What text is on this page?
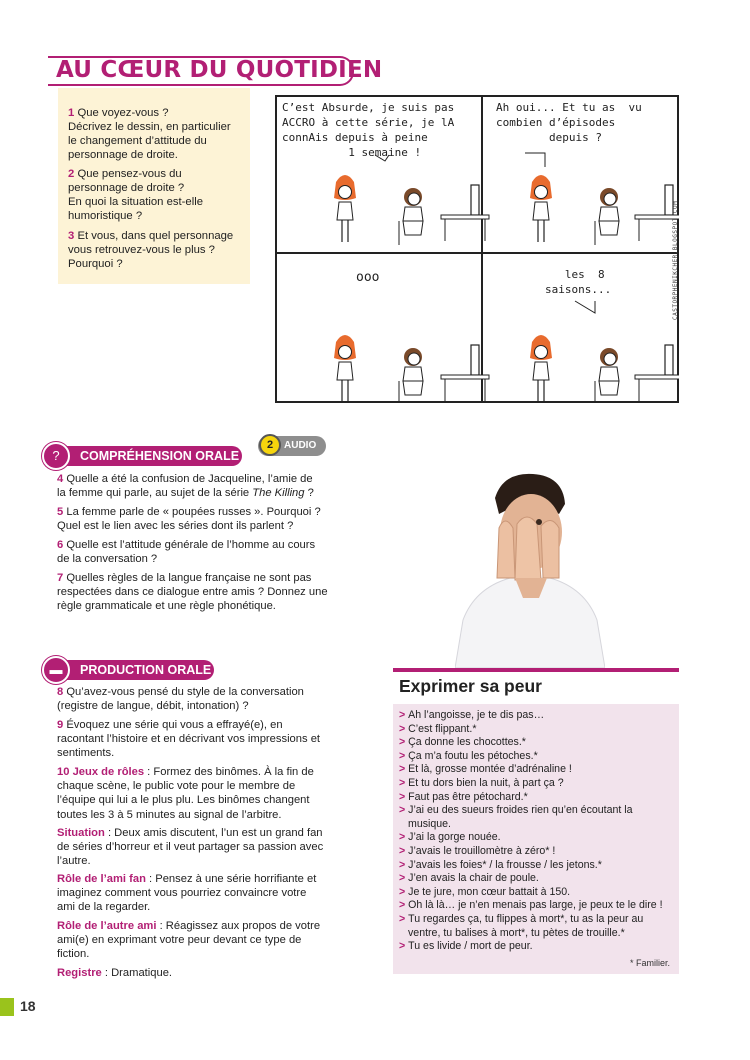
AU CŒUR DU QUOTIDIEN
1 Que voyez-vous ?
Décrivez le dessin, en particulier
le changement d’attitude du
personnage de droite.
2 Que pensez-vous du
personnage de droite ?
En quoi la situation est-elle
humoristique ?
3 Et vous, dans quel personnage
vous retrouvez-vous le plus ?
Pourquoi ?
C’est Absurde, je suis pas
ACCRO à cette série, je lA
connAis depuis à peine
1 semaine !
Ah oui... Et tu as  vu
combien d’épisodes
depuis ?
ooo	les  8
saisons...	CASTORPHENIKCHER.BLOGSPOT.COM
COMPRÉHENSION ORALE
?
AUDIO
2
4 Quelle a été la confusion de Jacqueline, l’amie de
la femme qui parle, au sujet de la série The Killing ?
5 La femme parle de « poupées russes ». Pourquoi ?
Quel est le lien avec les séries dont ils parlent ?
6 Quelle est l’attitude générale de l’homme au cours
de la conversation ?
7 Quelles règles de la langue française ne sont pas
respectées dans ce dialogue entre amis ? Donnez une
règle grammaticale et une règle phonétique.
PRODUCTION ORALE
▬
8 Qu’avez-vous pensé du style de la conversation
(registre de langue, débit, intonation) ?
9 Évoquez une série qui vous a effrayé(e), en
racontant l’histoire et en décrivant vos impressions et
sentiments.
10 Jeux de rôles : Formez des binômes. À la fin de
chaque scène, le public vote pour le membre de
l’équipe qui lui a le plus plu. Les binômes changent
toutes les 3 à 5 minutes au signal de l’arbitre.
Situation : Deux amis discutent, l’un est un grand fan
de séries d’horreur et il veut partager sa passion avec
l’autre.
Rôle de l’ami fan : Pensez à une série horrifiante et
imaginez comment vous pourriez convaincre votre
ami de la regarder.
Rôle de l’autre ami : Réagissez aux propos de votre
ami(e) en exprimant votre peur devant ce type de
fiction.
Registre : Dramatique.
Exprimer sa peur
> Ah l’angoisse, je te dis pas…
> C’est flippant.*
> Ça donne les chocottes.*
> Ça m’a foutu les pétoches.*
> Et là, grosse montée d’adrénaline !
> Et tu dors bien la nuit, à part ça ?
> Faut pas être pétochard.*
> J’ai eu des sueurs froides rien qu’en écoutant la
musique.
> J’ai la gorge nouée.
> J’avais le trouillomètre à zéro* !
> J’avais les foies* / la frousse / les jetons.*
> J’en avais la chair de poule.
> Je te jure, mon cœur battait à 150.
> Oh là là… je n’en menais pas large, je peux te le dire !
> Tu regardes ça, tu flippes à mort*, tu as la peur au
ventre, tu balises à mort*, tu pètes de trouille.*
> Tu es livide / mort de peur.
* Familier.
18
